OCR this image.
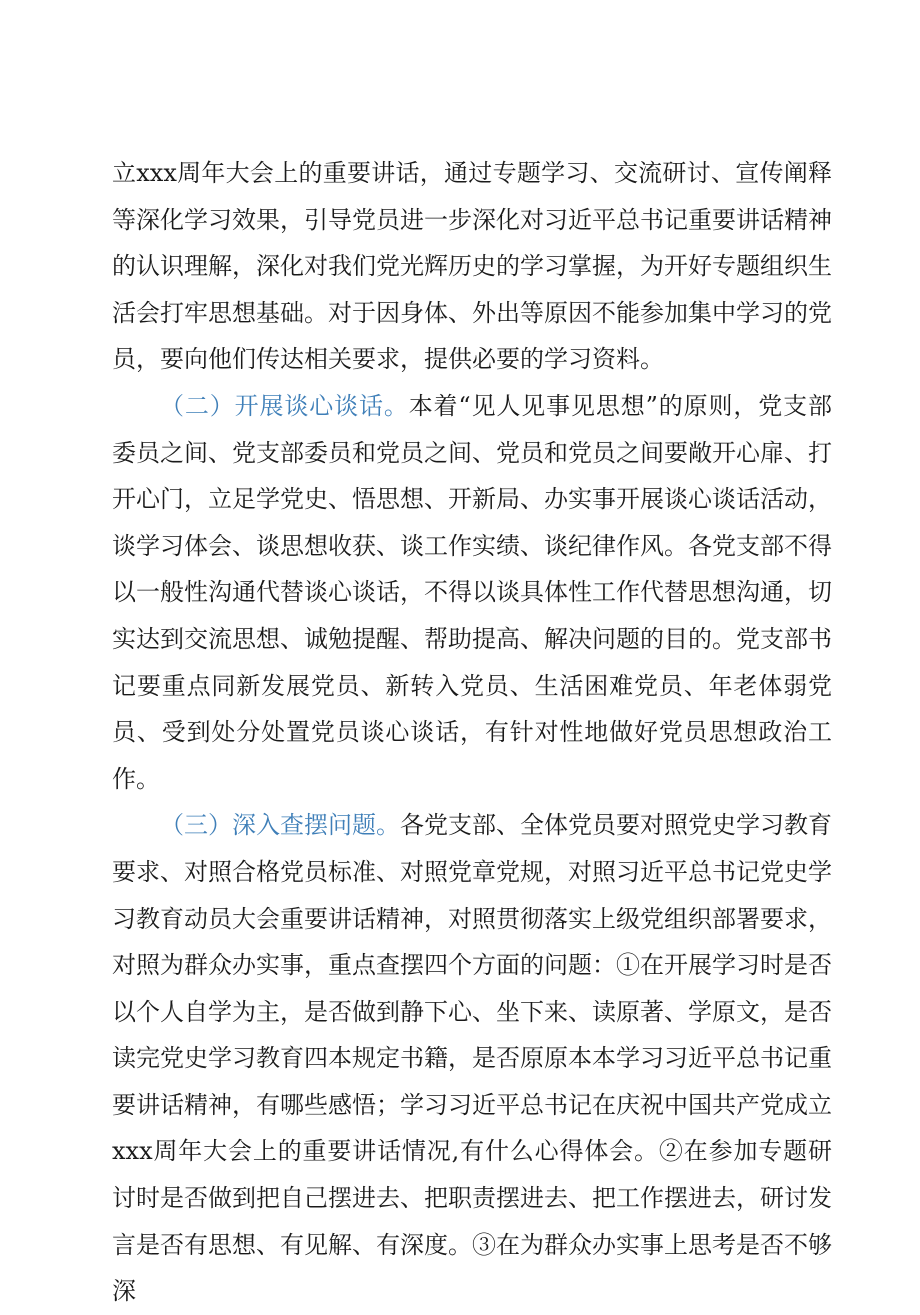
立xxx周年大会上的重要讲话，通过专题学习、交流研讨、宣传阐释等深化学习效果，引导党员进一步深化对习近平总书记重要讲话精神的认识理解，深化对我们党光辉历史的学习掌握，为开好专题组织生活会打牢思想基础。对于因身体、外出等原因不能参加集中学习的党员，要向他们传达相关要求，提供必要的学习资料。

（二）开展谈心谈话。本着“见人见事见思想”的原则，党支部委员之间、党支部委员和党员之间、党员和党员之间要敞开心扉、打开心门，立足学党史、悟思想、开新局、办实事开展谈心谈话活动，谈学习体会、谈思想收获、谈工作实绩、谈纪律作风。各党支部不得以一般性沟通代替谈心谈话，不得以谈具体性工作代替思想沟通，切实达到交流思想、诚勉提醒、帮助提高、解决问题的目的。党支部书记要重点同新发展党员、新转入党员、生活困难党员、年老体弱党员、受到处分处置党员谈心谈话，有针对性地做好党员思想政治工作。

（三）深入查摆问题。各党支部、全体党员要对照党史学习教育要求、对照合格党员标准、对照党章党规，对照习近平总书记党史学习教育动员大会重要讲话精神，对照贯彻落实上级党组织部署要求，对照为群众办实事，重点查摆四个方面的问题：①在开展学习时是否以个人自学为主，是否做到静下心、坐下来、读原著、学原文，是否读完党史学习教育四本规定书籍，是否原原本本学习习近平总书记重要讲话精神，有哪些感悟；学习习近平总书记在庆祝中国共产党成立xxx周年大会上的重要讲话情况,有什么心得体会。②在参加专题研讨时是否做到把自己摆进去、把职责摆进去、把工作摆进去，研讨发言是否有思想、有见解、有深度。③在为群众办实事上思考是否不够深
